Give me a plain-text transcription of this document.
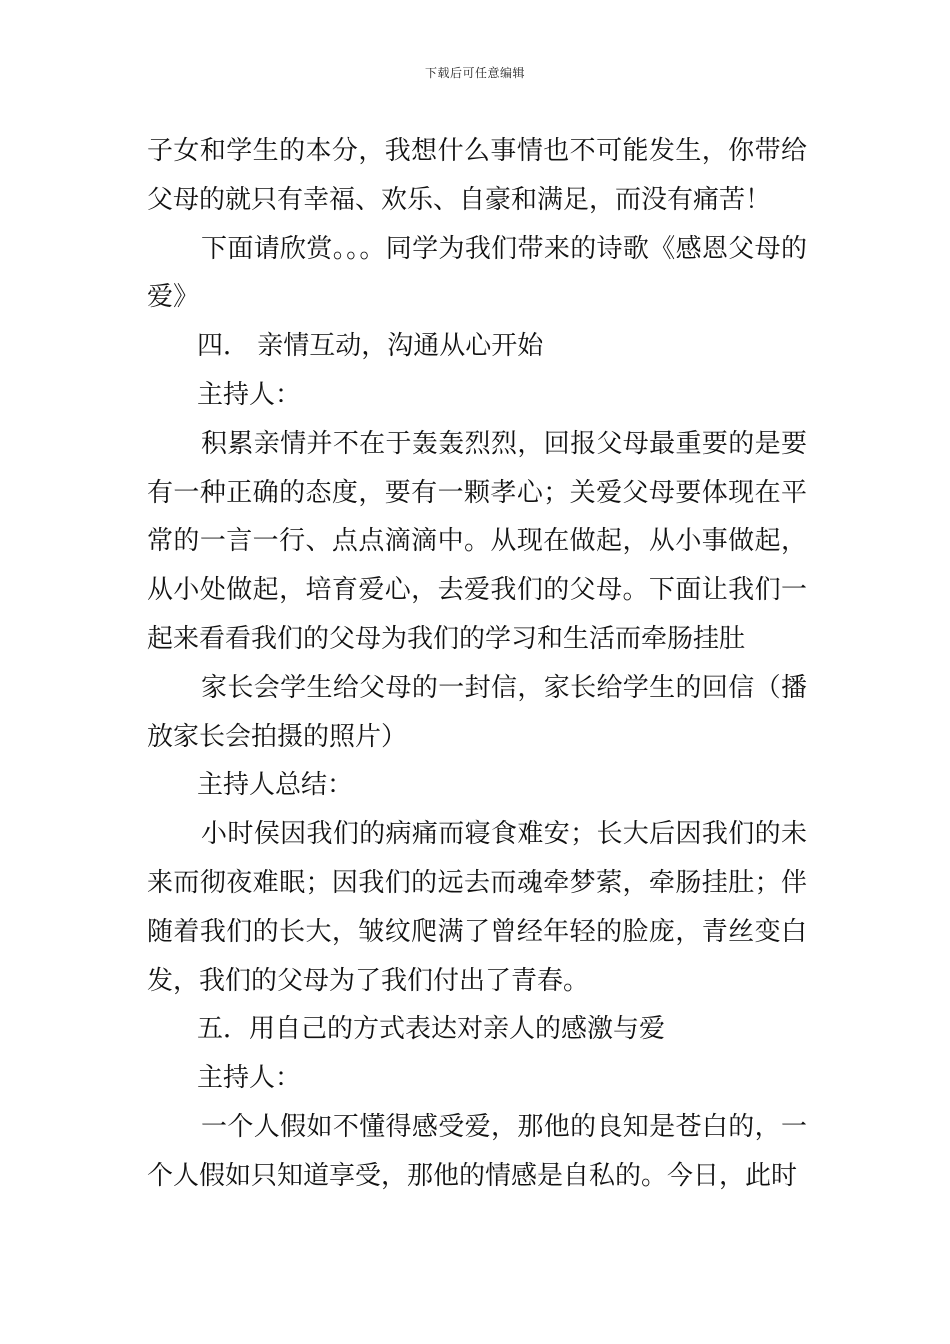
下载后可任意编辑

子女和学生的本分，我想什么事情也不可能发生，你带给父母的就只有幸福、欢乐、自豪和满足，而没有痛苦！

下面请欣赏。。。同学为我们带来的诗歌《感恩父母的爱》

四． 亲情互动，沟通从心开始

主持人：

积累亲情并不在于轰轰烈烈，回报父母最重要的是要有一种正确的态度，要有一颗孝心；关爱父母要体现在平常的一言一行、点点滴滴中。从现在做起，从小事做起，从小处做起，培育爱心，去爱我们的父母。下面让我们一起来看看我们的父母为我们的学习和生活而牵肠挂肚

家长会学生给父母的一封信，家长给学生的回信（播放家长会拍摄的照片）

主持人总结：

小时侯因我们的病痛而寝食难安；长大后因我们的未来而彻夜难眠；因我们的远去而魂牵梦萦，牵肠挂肚；伴随着我们的长大，皱纹爬满了曾经年轻的脸庞，青丝变白发，我们的父母为了我们付出了青春。

五．用自己的方式表达对亲人的感激与爱

主持人：

一个人假如不懂得感受爱，那他的良知是苍白的，一个人假如只知道享受，那他的情感是自私的。今日，此时
